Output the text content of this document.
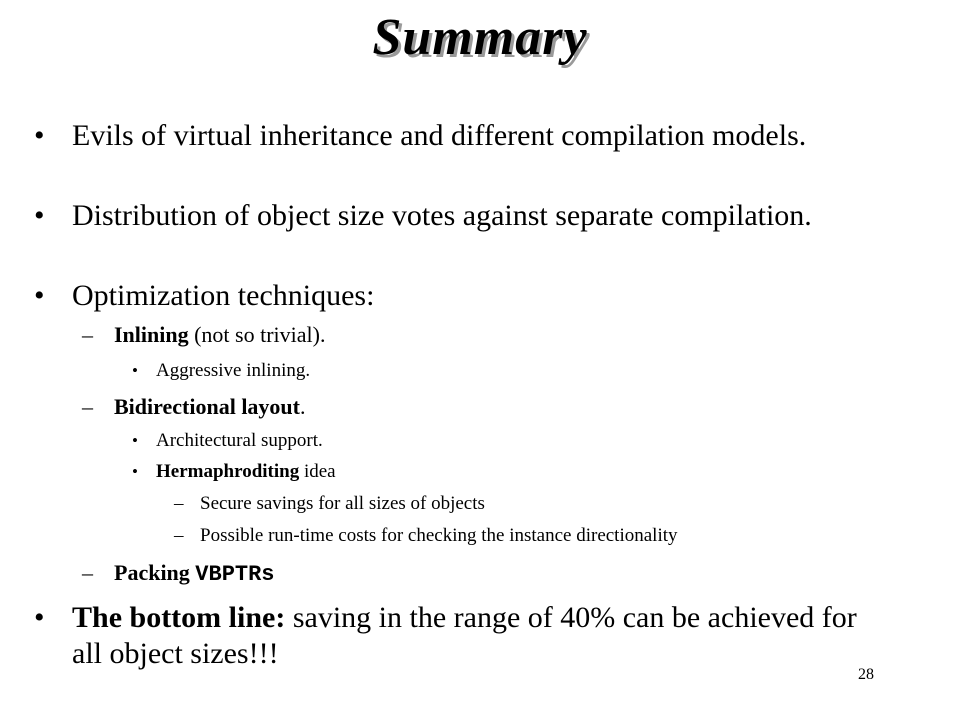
Summary
• Evils of virtual inheritance and different compilation models.
• Distribution of object size votes against separate compilation.
• Optimization techniques:
– Inlining (not so trivial).
• Aggressive inlining.
– Bidirectional layout.
• Architectural support.
• Hermaphroditing idea
– Secure savings for all sizes of objects
– Possible run-time costs for checking the instance directionality
– Packing VBPTRs
• The bottom line: saving in the range of 40% can be achieved for all object sizes!!!
28
